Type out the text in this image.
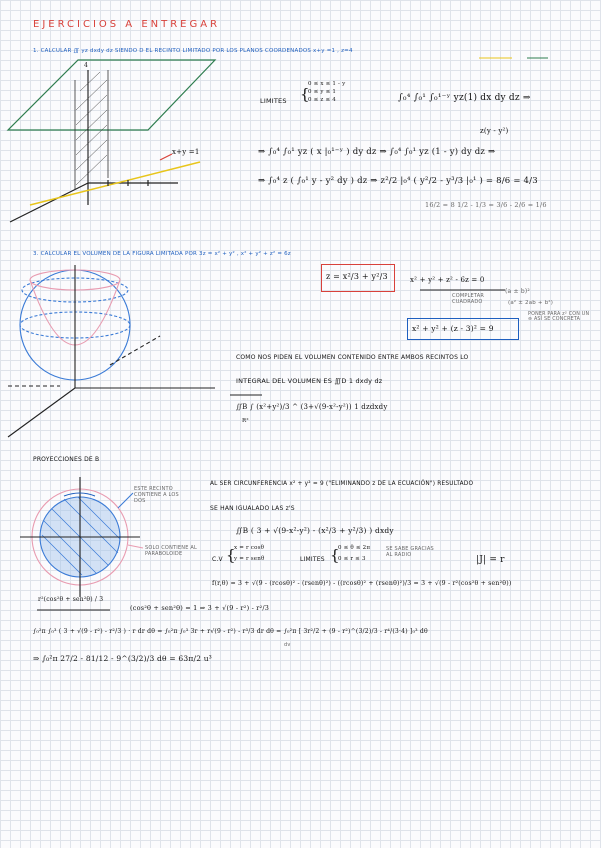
EJERCICIOS A ENTREGAR
1. CALCULAR ∭ yz dxdy dz SIENDO D EL RECINTO LIMITADO POR LOS PLANOS COORDENADOS x+y =1 , z=4
x+y =1
4
LIMITES {
0 ≤ x ≤ 1 - y
0 ≤ y ≤ 1
0 ≤ z ≤ 4	∫₀⁴ ∫₀¹ ∫₀¹⁻ʸ yz(1) dx dy dz ⇒
z(y - y²)
⇒ ∫₀⁴ ∫₀¹ yz ( x |₀¹⁻ʸ ) dy dz ⇒ ∫₀⁴ ∫₀¹ yz (1 - y) dy dz ⇒
⇒ ∫₀⁴ z ( ∫₀¹ y - y² dy ) dz ⇒ z²/2 |₀⁴ ( y²/2 - y³/3 |₀¹ ) = 8/6 = 4/3
16/2 = 8 1/2 - 1/3 = 3/6 - 2/6 = 1/6
3. CALCULAR EL VOLUMEN DE LA FIGURA LIMITADA POR 3z = x² + y² , x² + y² + z² = 6z
z = x²/3 + y²/3	x² + y² + z² - 6z = 0
(a ± b)²
COMPLETAR CUADRADO	(a² ± 2ab + b²)
PONER PARA z² CON UN ⊖ ASÍ SE CONCRETA
x² + y² + (z - 3)² = 9
COMO NOS PIDEN EL VOLUMEN CONTENIDO ENTRE AMBOS RECINTOS LO
INTEGRAL DEL VOLUMEN ES ∭D 1 dxdy dz
∬B ∫ (x²+y²)/3 ^ (3+√(9-x²-y²)) 1 dzdxdy
R²
PROYECCIONES DE B
ESTE RECINTO CONTIENE A LOS DOS
SOLO CONTIENE AL PARABOLOIDE
AL SER CIRCUNFERENCIA x² + y² = 9 ("ELIMINANDO z DE LA ECUACIÓN") RESULTADO
SE HAN IGUALADO LAS z'S
∬B ( 3 + √(9-x²-y²) - (x²/3 + y²/3) ) dxdy
C.V {
x = r cosθ
y = r senθ	LIMITES {
0 ≤ θ ≤ 2π
0 ≤ r ≤ 3
SE SABE GRACIAS AL RADIO	|J| = r
f(r,θ) = 3 + √(9 - (rcosθ)² - (rsenθ)²) - ((rcosθ)² + (rsenθ)²)/3 = 3 + √(9 - r²(cos²θ + sen²θ))
r²(cos²θ + sen²θ) / 3
(cos²θ + sen²θ) = 1 ⇒ 3 + √(9 - r²) - r²/3
∫₀²π ∫₀³ ( 3 + √(9 - r²) - r²/3 ) · r dr dθ = ∫₀²π ∫₀³ 3r + r√(9 - r²) - r³/3 dr dθ = ∫₀²π [ 3r²/2 + (9 - r²)^(3/2)/3 - r⁴/(3·4) ]₀³ dθ
dv
⇒ ∫₀²π 27/2 - 81/12 - 9^(3/2)/3 dθ = 63π/2 u³
